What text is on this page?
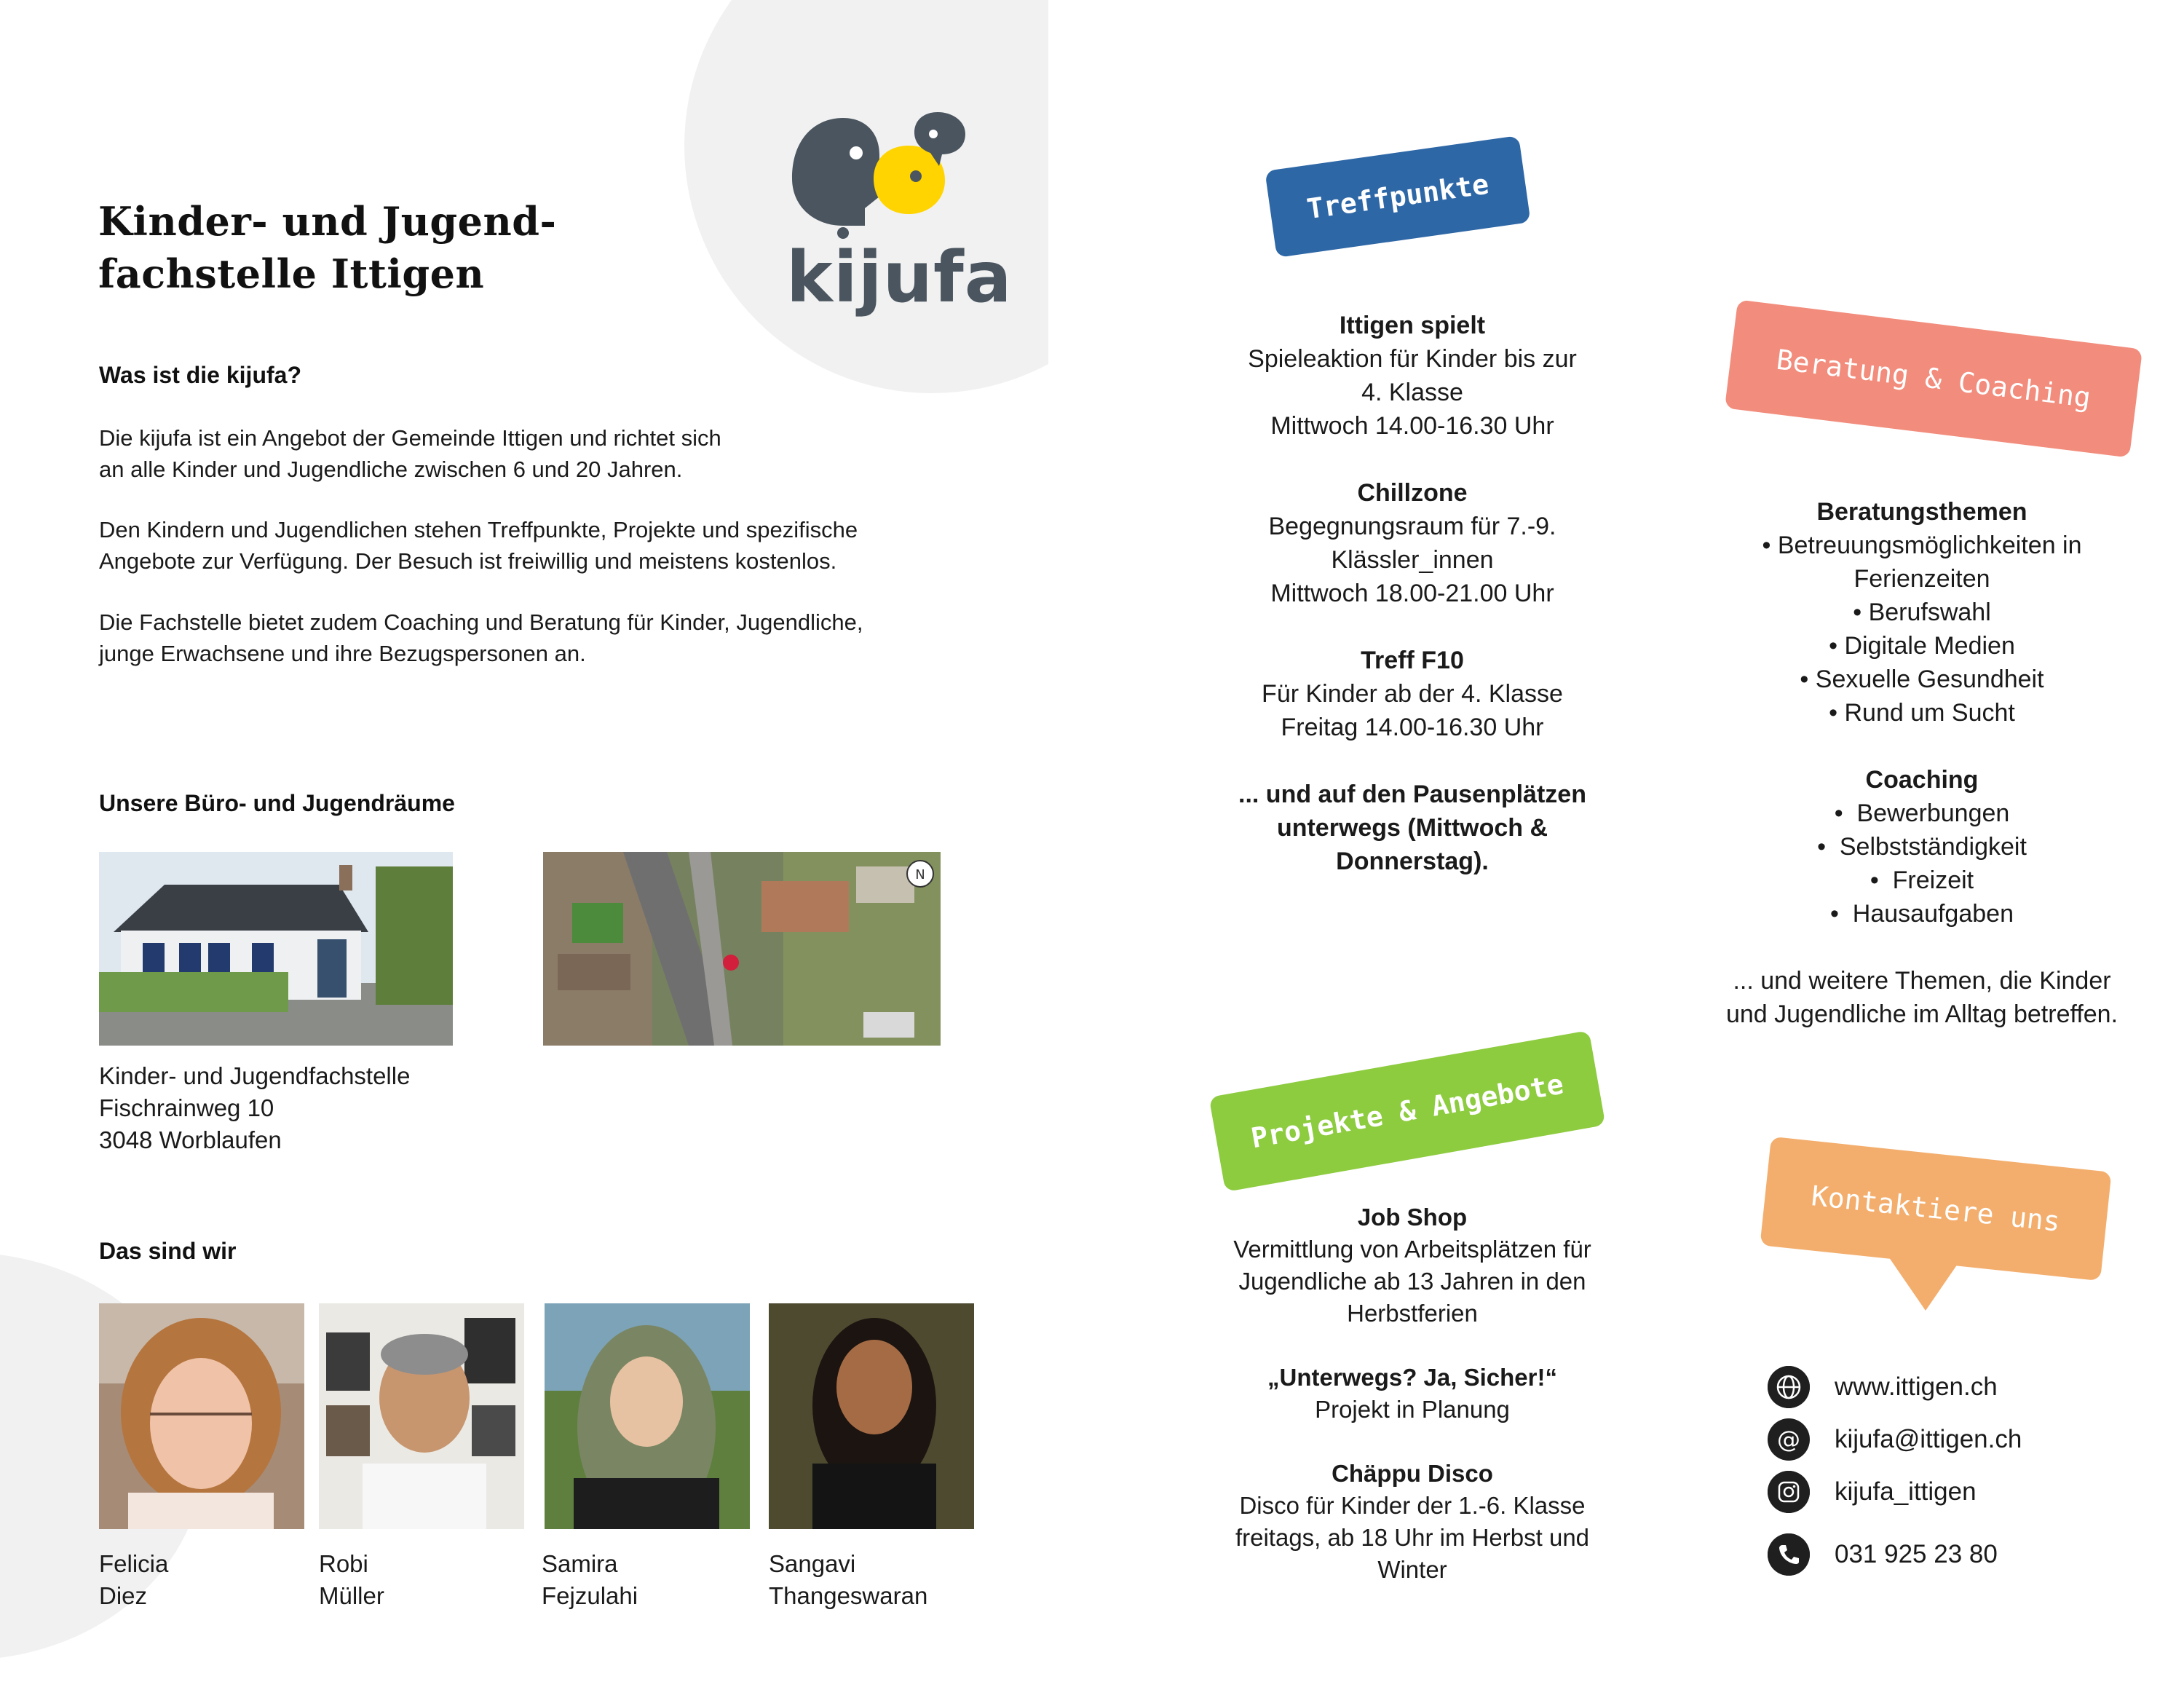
kijufa
Kinder- und Jugend-
fachstelle Ittigen
Was ist die kijufa?
Die kijufa ist ein Angebot der Gemeinde Ittigen und richtet sich
an alle Kinder und Jugendliche zwischen 6 und 20 Jahren.
Den Kindern und Jugendlichen stehen Treffpunkte, Projekte und spezifische
Angebote zur Verfügung. Der Besuch ist freiwillig und meistens kostenlos.
Die Fachstelle bietet zudem Coaching und Beratung für Kinder, Jugendliche,
junge Erwachsene und ihre Bezugspersonen an.
Unsere Büro- und Jugendräume
N
Kinder- und Jugendfachstelle
Fischrainweg 10
3048 Worblaufen
Das sind wir
Felicia
Diez
Robi
Müller
Samira
Fejzulahi
Sangavi
Thangeswaran
Treffpunkte
Beratung & Coaching
Projekte & Angebote
Kontaktiere uns
Ittigen spielt
Spieleaktion für Kinder bis zur
4. Klasse
Mittwoch 14.00-16.30 Uhr
Chillzone
Begegnungsraum für 7.-9.
Klässler_innen
Mittwoch 18.00-21.00 Uhr
Treff F10
Für Kinder ab der 4. Klasse
Freitag 14.00-16.30 Uhr
... und auf den Pausenplätzen
unterwegs (Mittwoch &
Donnerstag).
Job Shop
Vermittlung von Arbeitsplätzen für
Jugendliche ab 13 Jahren in den
Herbstferien
„Unterwegs? Ja, Sicher!“
Projekt in Planung
Chäppu Disco
Disco für Kinder der 1.-6. Klasse
freitags, ab 18 Uhr im Herbst und
Winter
Beratungsthemen
• Betreuungsmöglichkeiten in
Ferienzeiten
• Berufswahl
• Digitale Medien
• Sexuelle Gesundheit
• Rund um Sucht
Coaching
•  Bewerbungen
•  Selbstständigkeit
•  Freizeit
•  Hausaufgaben
... und weitere Themen, die Kinder
und Jugendliche im Alltag betreffen.
www.ittigen.ch
@	kijufa@ittigen.ch
kijufa_ittigen
031 925 23 80
